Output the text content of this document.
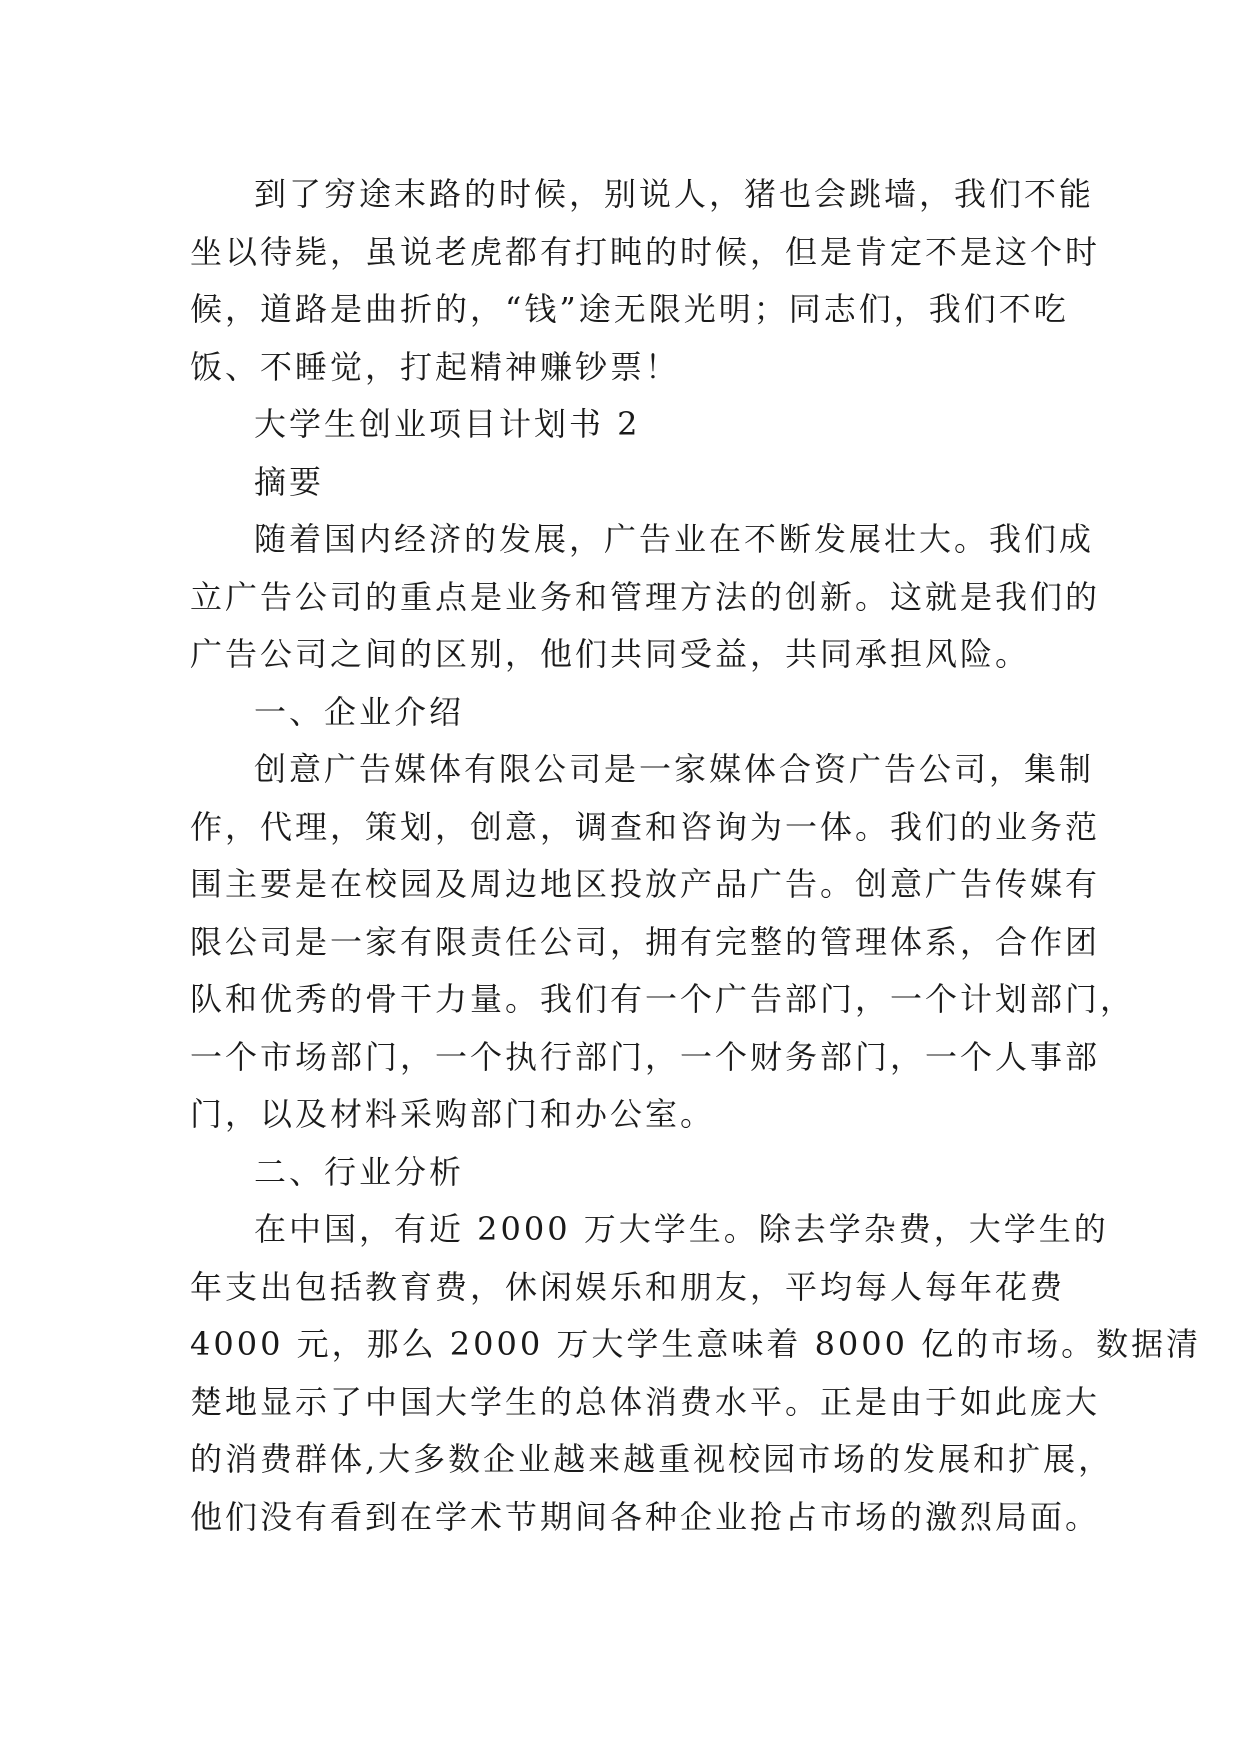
到了穷途末路的时候，别说人，猪也会跳墙，我们不能
坐以待毙，虽说老虎都有打盹的时候，但是肯定不是这个时
候，道路是曲折的，“钱”途无限光明；同志们，我们不吃
饭、不睡觉，打起精神赚钞票！
大学生创业项目计划书 2
摘要
随着国内经济的发展，广告业在不断发展壮大。我们成
立广告公司的重点是业务和管理方法的创新。这就是我们的
广告公司之间的区别，他们共同受益，共同承担风险。
一、企业介绍
创意广告媒体有限公司是一家媒体合资广告公司，集制
作，代理，策划，创意，调查和咨询为一体。我们的业务范
围主要是在校园及周边地区投放产品广告。创意广告传媒有
限公司是一家有限责任公司，拥有完整的管理体系，合作团
队和优秀的骨干力量。我们有一个广告部门，一个计划部门，
一个市场部门，一个执行部门，一个财务部门，一个人事部
门，以及材料采购部门和办公室。
二、行业分析
在中国，有近 2000 万大学生。除去学杂费，大学生的
年支出包括教育费，休闲娱乐和朋友，平均每人每年花费
4000 元，那么 2000 万大学生意味着 8000 亿的市场。数据清
楚地显示了中国大学生的总体消费水平。正是由于如此庞大
的消费群体,大多数企业越来越重视校园市场的发展和扩展，
他们没有看到在学术节期间各种企业抢占市场的激烈局面。
